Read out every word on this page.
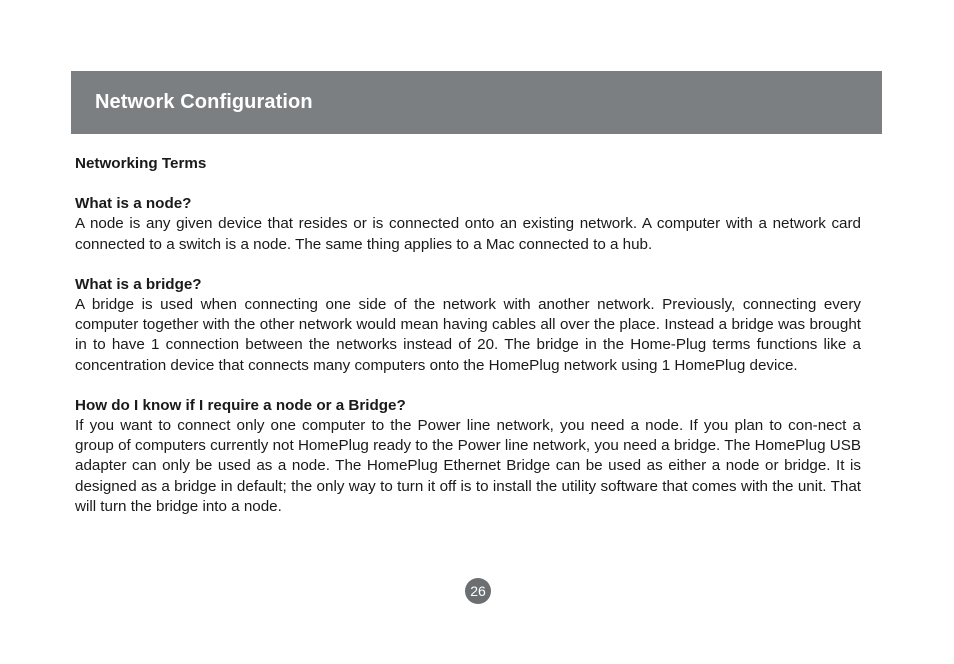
Network Configuration

Networking Terms

What is a node?

A node is any given device that resides or is connected onto an existing network. A computer with a network card connected to a switch is a node. The same thing applies to a Mac connected to a hub.

What is a bridge?

A bridge is used when connecting one side of the network with another network. Previously, connecting every computer together with the other network would mean having cables all over the place. Instead a bridge was brought in to have 1 connection between the networks instead of 20. The bridge in the Home-Plug terms functions like a concentration device that connects many computers onto the HomePlug network using 1 HomePlug device.

How do I know if I require a node or a Bridge?

If you want to connect only one computer to the Power line network, you need a node. If you plan to con-nect a group of computers currently not HomePlug ready to the Power line network, you need a bridge. The HomePlug USB adapter can only be used as a node. The HomePlug Ethernet Bridge can be used as either a node or bridge. It is designed as a bridge in default; the only way to turn it off is to install the utility software that comes with the unit. That will turn the bridge into a node.

26
